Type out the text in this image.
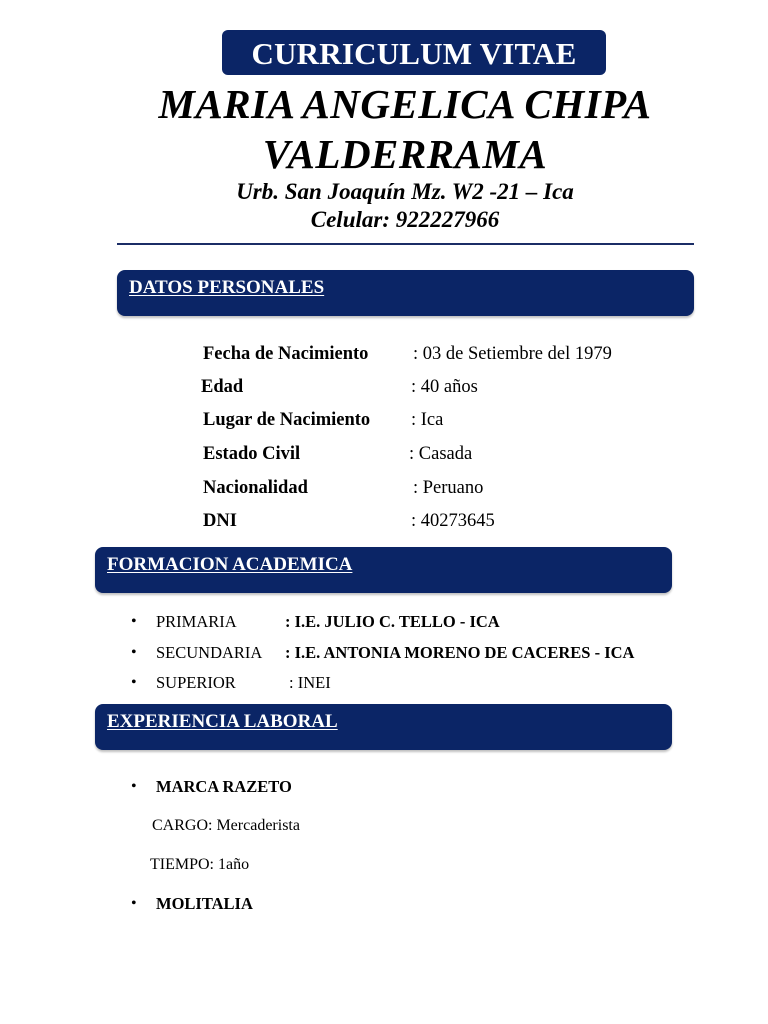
CURRICULUM VITAE
MARIA ANGELICA CHIPA
VALDERRAMA
Urb. San Joaquín Mz. W2 -21 – Ica
Celular: 922227966
DATOS PERSONALES
Fecha de Nacimiento : 03 de Setiembre del 1979
Edad	: 40 años
Lugar de Nacimiento : Ica
Estado Civil	: Casada
Nacionalidad	: Peruano
DNI	: 40273645
FORMACION ACADEMICA
• PRIMARIA	: I.E. JULIO C. TELLO - ICA
• SECUNDARIA : I.E. ANTONIA MORENO DE CACERES - ICA
• SUPERIOR	: INEI
EXPERIENCIA LABORAL
• MARCA RAZETO
CARGO: Mercaderista
TIEMPO: 1año
• MOLITALIA
